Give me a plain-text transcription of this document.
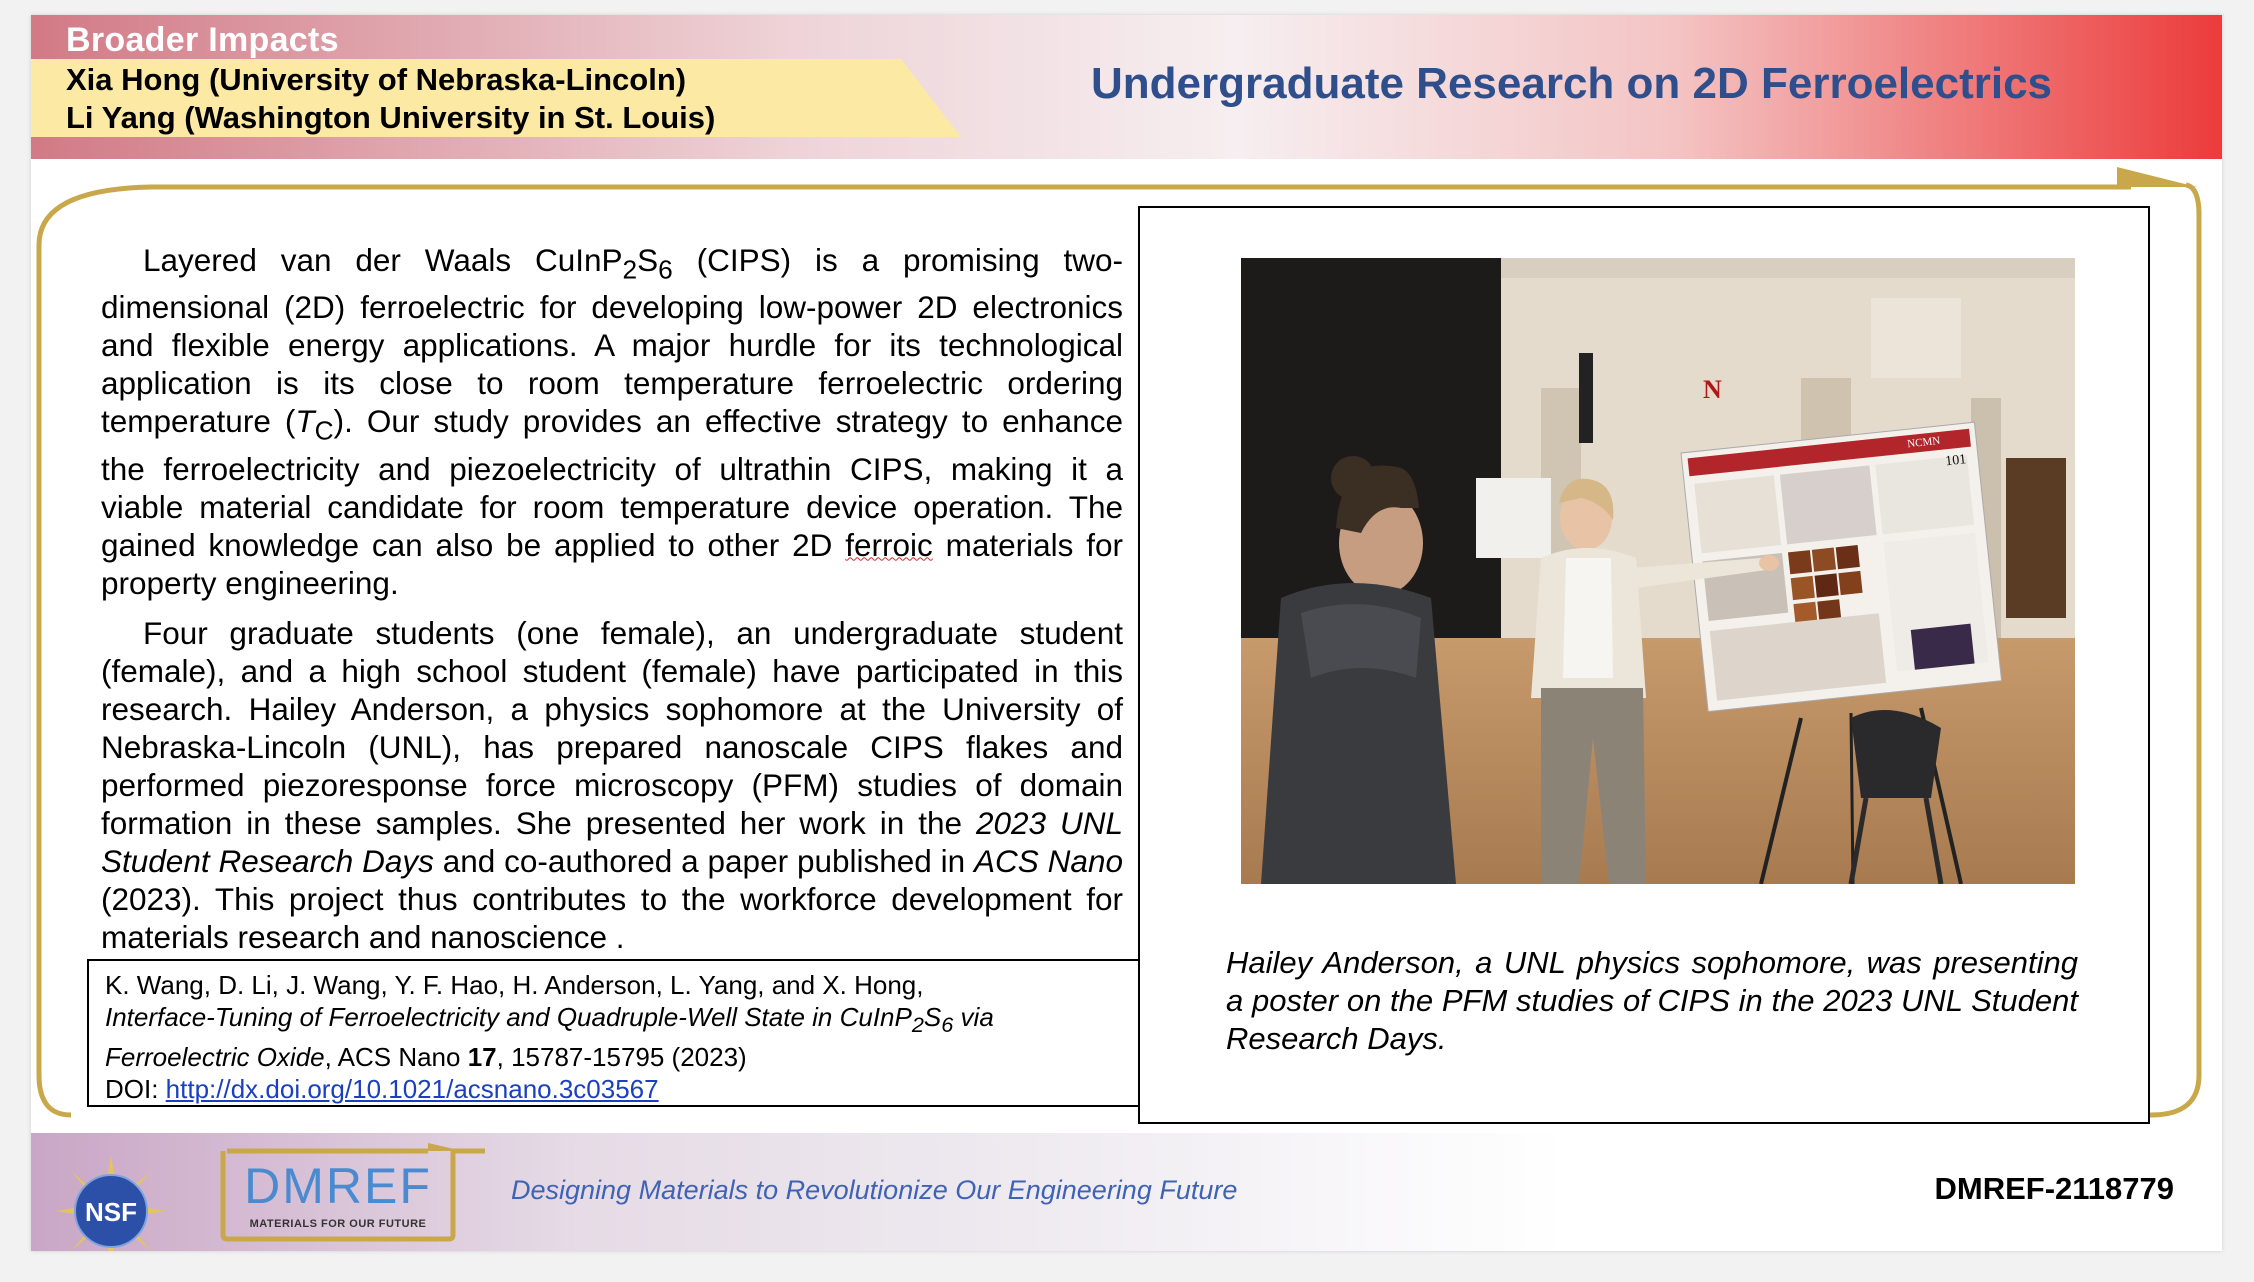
Broader Impacts

Xia Hong (University of Nebraska-Lincoln)

Li Yang (Washington University in St. Louis)

Undergraduate Research on 2D Ferroelectrics

Layered van der Waals $CuInP_2S_6$ (CIPS) is a promising two-dimensional (2D) ferroelectric for developing low-power 2D electronics and flexible energy applications. A major hurdle for its technological application is its close to room temperature ferroelectric ordering temperature $(T_C)$. Our study provides an effective strategy to enhance the ferroelectricity and piezoelectricity of ultrathin CIPS, making it a viable material candidate for room temperature device operation. The gained knowledge can also be applied to other 2D ferroic materials for property engineering.

Four graduate students (one female), an undergraduate student (female), and a high school student (female) have participated in this research. Hailey Anderson, a physics sophomore at the University of Nebraska-Lincoln (UNL), has prepared nanoscale CIPS flakes and performed piezoresponse force microscopy (PFM) studies of domain formation in these samples. She presented her work in the 2023 UNL Student Research Days and co-authored a paper published in ACS Nano (2023). This project thus contributes to the workforce development for materials research and nanoscience .

K. Wang, D. Li, J. Wang, Y. F. Hao, H. Anderson, L. Yang, and X. Hong,
Interface-Tuning of Ferroelectricity and Quadruple-Well State in $CuInP_2S_6$ via
Ferroelectric Oxide, ACS Nano 17, 15787-15795 (2023)
DOI: http://dx.doi.org/10.1021/acsnano.3c03567
N
NCMN
101

Hailey Anderson, a UNL physics sophomore, was presenting a poster on the PFM studies of CIPS in the 2023 UNL Student Research Days.

NSF DMREF
MATERIALS FOR OUR FUTURE

Designing Materials to Revolutionize Our Engineering Future	DMREF-2118779
